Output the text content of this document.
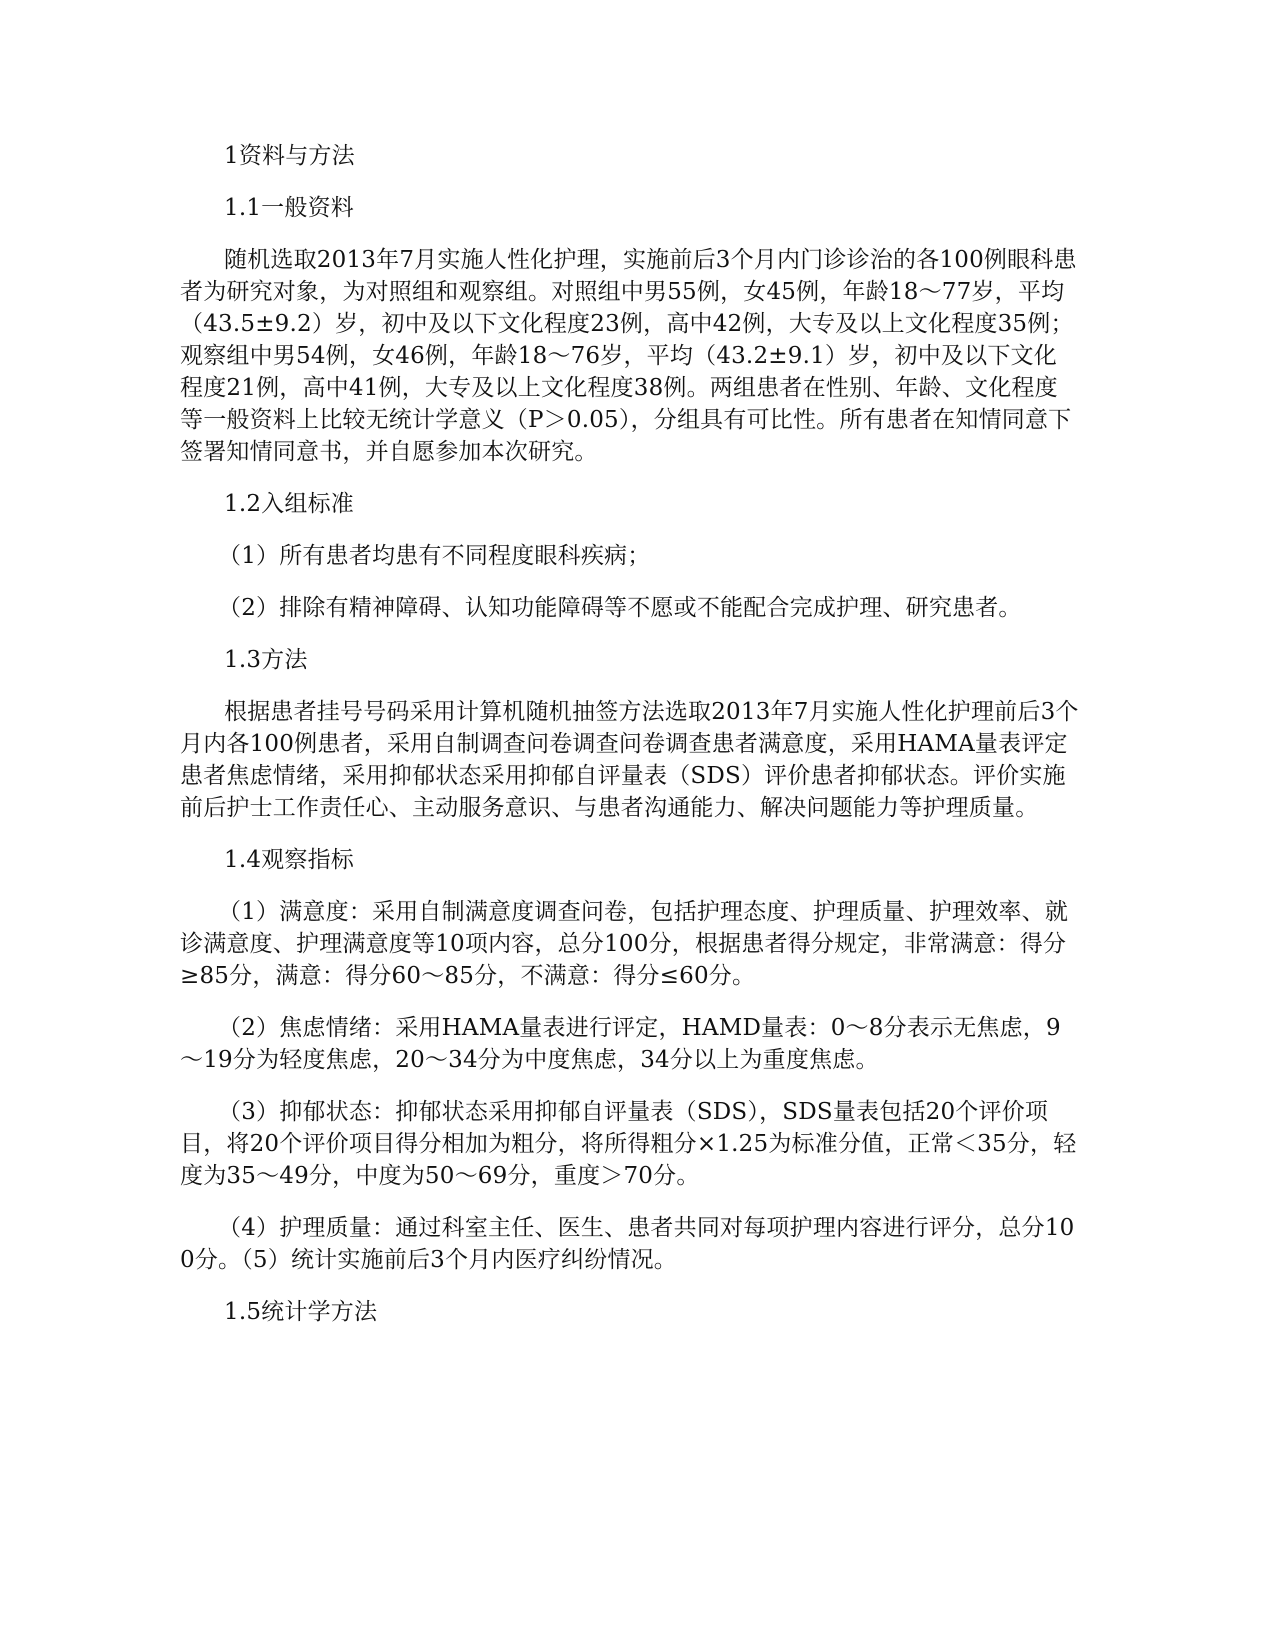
1资料与方法

1.1一般资料

随机选取2013年7月实施人性化护理，实施前后3个月内门诊诊治的各100例眼科患者为研究对象，为对照组和观察组。对照组中男55例，女45例，年龄18～77岁，平均（43.5±9.2）岁，初中及以下文化程度23例，高中42例，大专及以上文化程度35例；观察组中男54例，女46例，年龄18～76岁，平均（43.2±9.1）岁，初中及以下文化程度21例，高中41例，大专及以上文化程度38例。两组患者在性别、年龄、文化程度等一般资料上比较无统计学意义（P＞0.05），分组具有可比性。所有患者在知情同意下签署知情同意书，并自愿参加本次研究。

1.2入组标准

（1）所有患者均患有不同程度眼科疾病；

（2）排除有精神障碍、认知功能障碍等不愿或不能配合完成护理、研究患者。

1.3方法

根据患者挂号号码采用计算机随机抽签方法选取2013年7月实施人性化护理前后3个月内各100例患者，采用自制调查问卷调查问卷调查患者满意度，采用HAMA量表评定患者焦虑情绪，采用抑郁状态采用抑郁自评量表（SDS）评价患者抑郁状态。评价实施前后护士工作责任心、主动服务意识、与患者沟通能力、解决问题能力等护理质量。

1.4观察指标

（1）满意度：采用自制满意度调查问卷，包括护理态度、护理质量、护理效率、就诊满意度、护理满意度等10项内容，总分100分，根据患者得分规定，非常满意：得分≥85分，满意：得分60～85分，不满意：得分≤60分。

（2）焦虑情绪：采用HAMA量表进行评定，HAMD量表：0～8分表示无焦虑，9～19分为轻度焦虑，20～34分为中度焦虑，34分以上为重度焦虑。

（3）抑郁状态：抑郁状态采用抑郁自评量表（SDS），SDS量表包括20个评价项目，将20个评价项目得分相加为粗分，将所得粗分×1.25为标准分值，正常＜35分，轻度为35～49分，中度为50～69分，重度＞70分。

（4）护理质量：通过科室主任、医生、患者共同对每项护理内容进行评分，总分100分。（5）统计实施前后3个月内医疗纠纷情况。

1.5统计学方法
